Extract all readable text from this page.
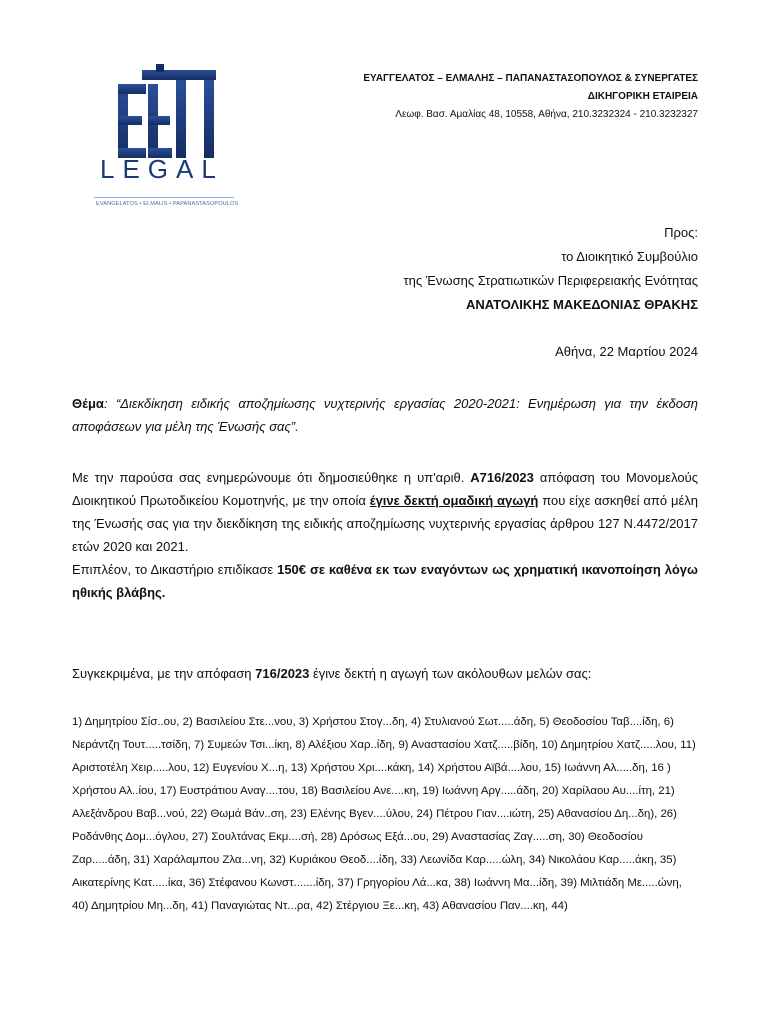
LEGAL
EVANGELATOS • ELMALIS • PAPANASTASOPOULOS
ΕΥΑΓΓΕΛΑΤΟΣ – ΕΛΜΑΛΗΣ – ΠΑΠΑΝΑΣΤΑΣΟΠΟΥΛΟΣ & ΣΥΝΕΡΓΑΤΕΣ
ΔΙΚΗΓΟΡΙΚΗ ΕΤΑΙΡΕΙΑ
Λεωφ. Βασ. Αμαλίας 48, 10558, Αθήνα, 210.3232324 - 210.3232327
Προς:
το Διοικητικό Συμβούλιο
της Ένωσης Στρατιωτικών Περιφερειακής Ενότητας
ΑΝΑΤΟΛΙΚΗΣ ΜΑΚΕΔΟΝΙΑΣ ΘΡΑΚΗΣ
Αθήνα, 22 Μαρτίου 2024
Θέμα: “Διεκδίκηση ειδικής αποζημίωσης νυχτερινής εργασίας 2020-2021: Ενημέρωση για την έκδοση αποφάσεων για μέλη της Ένωσής σας”.

Με την παρούσα σας ενημερώνουμε ότι δημοσιεύθηκε η υπ'αριθ. Α716/2023 απόφαση του Μονομελούς Διοικητικού Πρωτοδικείου Κομοτηνής, με την οποία έγινε δεκτή ομαδική αγωγή που είχε ασκηθεί από μέλη της Ένωσής σας για την διεκδίκηση της ειδικής αποζημίωσης νυχτερινής εργασίας άρθρου 127 Ν.4472/2017 ετών 2020 και 2021.

Επιπλέον, το Δικαστήριο επιδίκασε 150€ σε καθένα εκ των εναγόντων ως χρηματική ικανοποίηση λόγω ηθικής βλάβης.

Συγκεκριμένα, με την απόφαση 716/2023 έγινε δεκτή η αγωγή των ακόλουθων μελών σας:
1) Δημητρίου Σίσ..ου, 2) Βασιλείου Στε...νου, 3) Χρήστου Στογ...δη, 4) Στυλιανού Σωτ.....άδη, 5) Θεοδοσίου Ταβ....ίδη, 6) Νεράντζη Τουτ.....τσίδη, 7) Συμεών Τσι...ίκη, 8) Αλέξιου Χαρ..ίδη, 9) Αναστασίου Χατζ.....βίδη, 10) Δημητρίου Χατζ.....λου, 11) Αριστοτέλη Χειρ.....λου, 12) Ευγενίου Χ...η, 13) Χρήστου Χρι....κάκη, 14) Χρήστου Αϊβά....λου, 15) Ιωάννη Αλ.....δη, 16 ) Χρήστου Αλ..ίου, 17) Ευστράτιου Αναγ....του, 18) Βασιλείου Ανε....κη, 19) Ιωάννη Αργ.....άδη, 20) Χαρίλαου Αυ....ίτη, 21) Αλεξάνδρου Βαβ...νού, 22) Θωμά Βάν..ση, 23) Ελένης Βγεν....ύλου, 24) Πέτρου Γιαν....ιώτη, 25) Αθανασίου Δη...δη), 26) Ροδάνθης Δομ...όγλου, 27) Σουλτάνας Εκμ....σή, 28) Δρόσως Εξά...ου, 29) Αναστασίας Ζαγ.....ση, 30) Θεοδοσίου Ζαρ.....άδη, 31) Χαράλαμπου Ζλα...νη, 32) Κυριάκου Θεοδ....ίδη, 33) Λεωνίδα Καρ.....ώλη, 34) Νικολάου Καρ.....άκη, 35) Αικατερίνης Κατ.....ίκα, 36) Στέφανου Κωνστ.......ίδη, 37) Γρηγορίου Λά...κα, 38) Ιωάννη Μα...ίδη, 39) Μιλτιάδη Με.....ώνη, 40) Δημητρίου Μη...δη, 41) Παναγιώτας Ντ...ρα, 42) Στέργιου Ξε...κη, 43) Αθανασίου Παν....κη, 44)
